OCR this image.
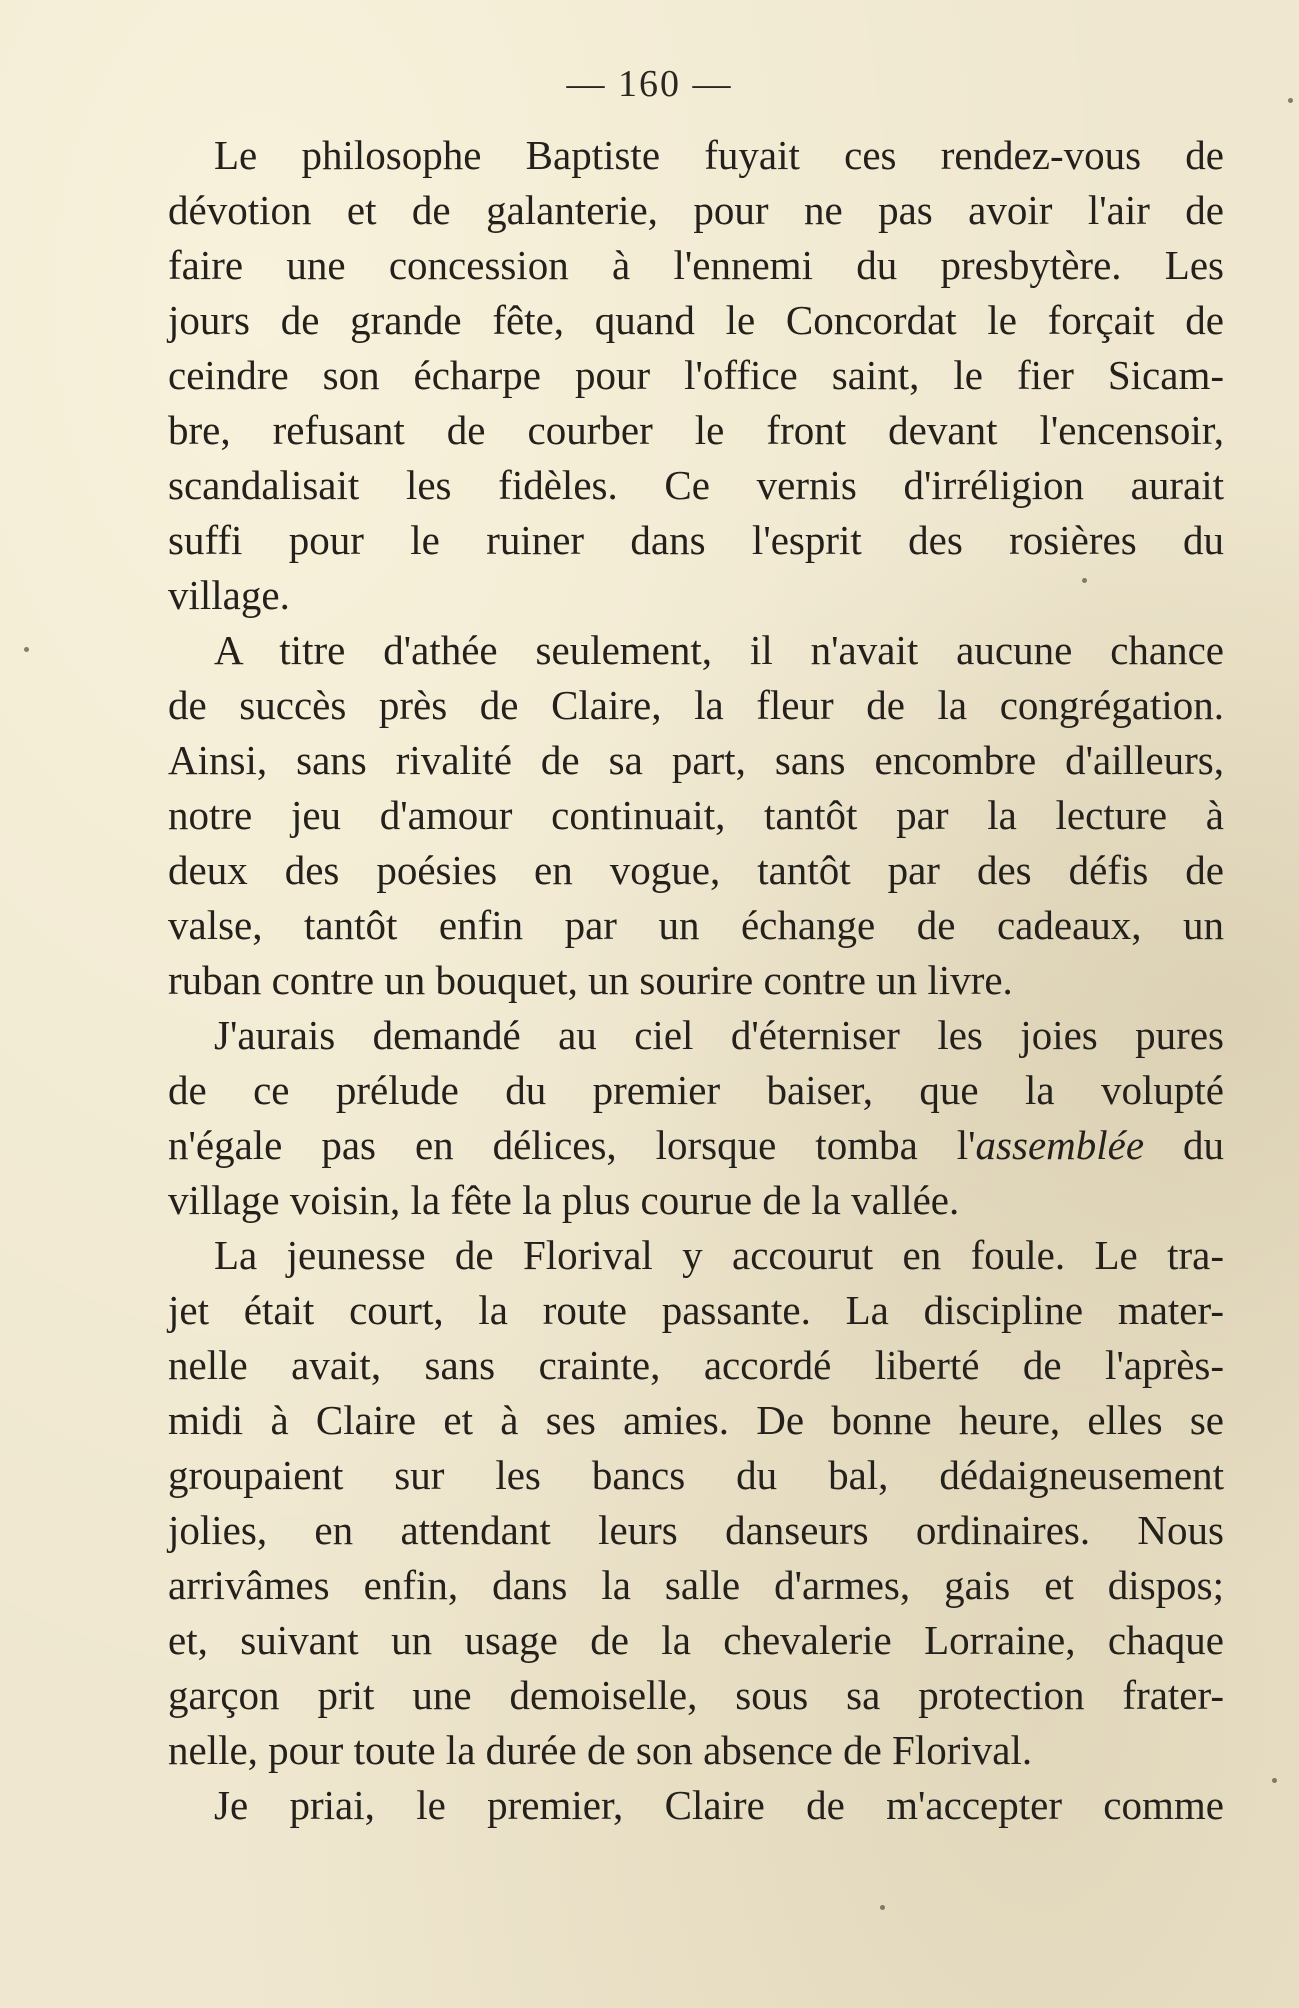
— 160 —
Le philosophe Baptiste fuyait ces rendez-vous de
dévotion et de galanterie, pour ne pas avoir l'air de
faire une concession à l'ennemi du presbytère. Les
jours de grande fête, quand le Concordat le forçait de
ceindre son écharpe pour l'office saint, le fier Sicam-
bre, refusant de courber le front devant l'encensoir,
scandalisait les fidèles. Ce vernis d'irréligion aurait
suffi pour le ruiner dans l'esprit des rosières du
village.
A titre d'athée seulement, il n'avait aucune chance
de succès près de Claire, la fleur de la congrégation.
Ainsi, sans rivalité de sa part, sans encombre d'ailleurs,
notre jeu d'amour continuait, tantôt par la lecture à
deux des poésies en vogue, tantôt par des défis de
valse, tantôt enfin par un échange de cadeaux, un
ruban contre un bouquet, un sourire contre un livre.
J'aurais demandé au ciel d'éterniser les joies pures
de ce prélude du premier baiser, que la volupté
n'égale pas en délices, lorsque tomba l'assemblée du
village voisin, la fête la plus courue de la vallée.
La jeunesse de Florival y accourut en foule. Le tra-
jet était court, la route passante. La discipline mater-
nelle avait, sans crainte, accordé liberté de l'après-
midi à Claire et à ses amies. De bonne heure, elles se
groupaient sur les bancs du bal, dédaigneusement
jolies, en attendant leurs danseurs ordinaires. Nous
arrivâmes enfin, dans la salle d'armes, gais et dispos;
et, suivant un usage de la chevalerie Lorraine, chaque
garçon prit une demoiselle, sous sa protection frater-
nelle, pour toute la durée de son absence de Florival.
Je priai, le premier, Claire de m'accepter comme
